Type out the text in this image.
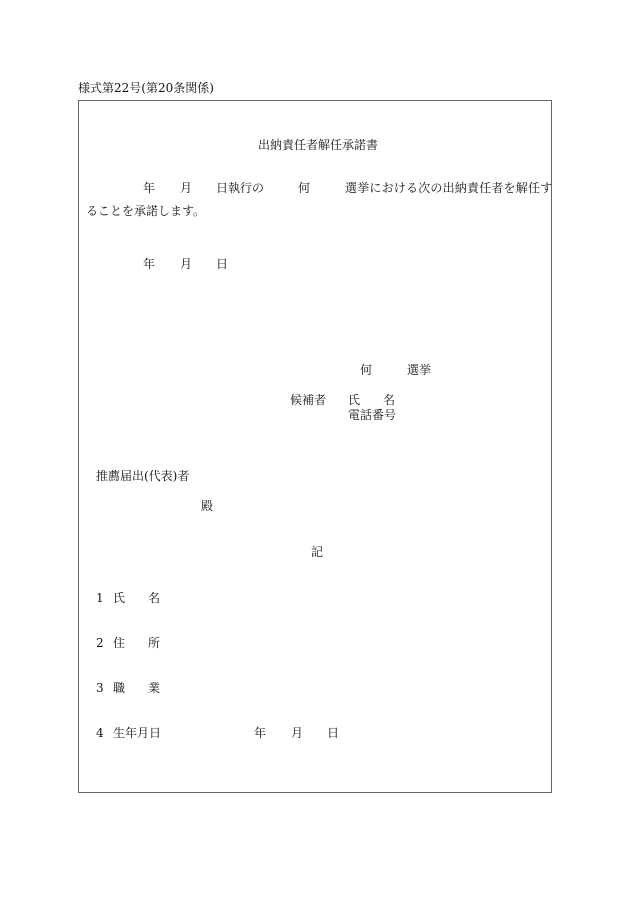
様式第22号(第20条関係)
出納責任者解任承諾書
年 月 日執行の	何	選挙における次の出納責任者を解任す
ることを承諾します。
年 月 日
何	選挙
候補者 氏 名
電話番号
推薦届出(代表)者
殿
記
1 氏 名
2 住 所
3 職 業
4 生年月日	年 月 日
